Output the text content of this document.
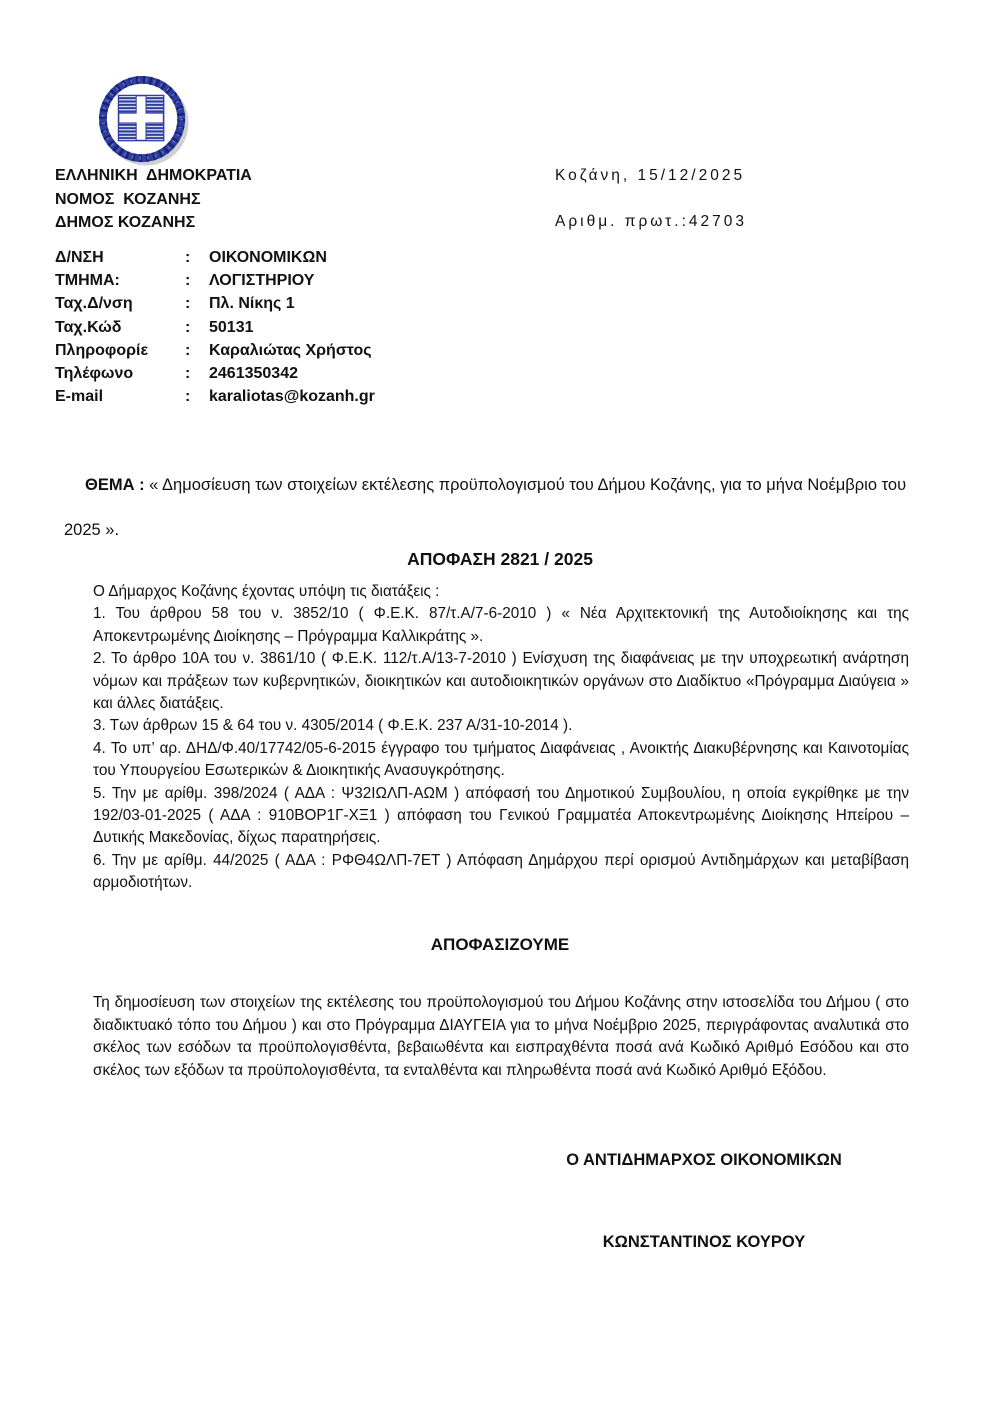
ΕΛΛΗΝΙΚΗ  ΔΗΜΟΚΡΑΤΙΑ
ΝΟΜΟΣ  ΚΟΖΑΝΗΣ
ΔΗΜΟΣ ΚΟΖΑΝΗΣ
Κοζάνη, 15/12/2025
Αριθμ. πρωτ.:42703
Δ/ΝΣΗ	:	ΟΙΚΟΝΟΜΙΚΩΝ
ΤΜΗΜΑ:	:	ΛΟΓΙΣΤΗΡΙΟΥ
Ταχ.Δ/νση	:	Πλ. Νίκης 1
Ταχ.Κώδ	:	50131
Πληροφορίε	:	Καραλιώτας Χρήστος
Τηλέφωνο	:	2461350342
E-mail	:	karaliotas@kozanh.gr

ΘΕΜΑ : « Δημοσίευση των στοιχείων εκτέλεσης προϋπολογισμού του Δήμου Κοζάνης, για το μήνα Νοέμβριο του 2025 ».

ΑΠΟΦΑΣΗ 2821 / 2025

Ο Δήμαρχος Κοζάνης έχοντας υπόψη τις διατάξεις :

1. Του άρθρου 58 του ν. 3852/10 ( Φ.Ε.Κ. 87/τ.Α/7-6-2010 ) « Νέα Αρχιτεκτονική της Αυτοδιοίκησης και της Αποκεντρωμένης Διοίκησης – Πρόγραμμα Καλλικράτης ».

2. Το άρθρο 10Α του ν. 3861/10 ( Φ.Ε.Κ. 112/τ.Α/13-7-2010 ) Ενίσχυση της διαφάνειας με την υποχρεωτική ανάρτηση νόμων και πράξεων των κυβερνητικών, διοικητικών και αυτοδιοικητικών οργάνων στο Διαδίκτυο «Πρόγραμμα Διαύγεια » και άλλες διατάξεις.

3. Των άρθρων 15 & 64 του ν. 4305/2014 ( Φ.Ε.Κ. 237 Α/31-10-2014 ).

4. Το υπ’ αρ. ΔΗΔ/Φ.40/17742/05-6-2015 έγγραφο του τμήματος Διαφάνειας , Ανοικτής Διακυβέρνησης και Καινοτομίας του Υπουργείου Εσωτερικών & Διοικητικής Ανασυγκρότησης.

5. Την με αρίθμ. 398/2024 ( ΑΔΑ : Ψ32ΙΩΛΠ-ΑΩΜ ) απόφασή του Δημοτικού Συμβουλίου, η οποία εγκρίθηκε με την 192/03-01-2025 ( ΑΔΑ : 910ΒΟΡ1Γ-ΧΞ1 ) απόφαση του Γενικού Γραμματέα Αποκεντρωμένης Διοίκησης Ηπείρου – Δυτικής Μακεδονίας, δίχως παρατηρήσεις.

6. Την με αρίθμ. 44/2025 ( ΑΔΑ : ΡΦΘ4ΩΛΠ-7ΕΤ ) Απόφαση Δημάρχου περί ορισμού Αντιδημάρχων και μεταβίβαση αρμοδιοτήτων.

ΑΠΟΦΑΣΙΖΟΥΜΕ

Τη δημοσίευση των στοιχείων της εκτέλεσης του προϋπολογισμού του Δήμου Κοζάνης στην ιστοσελίδα του Δήμου ( στο διαδικτυακό τόπο του Δήμου ) και στο Πρόγραμμα ΔΙΑΥΓΕΙΑ για το μήνα Νοέμβριο 2025, περιγράφοντας αναλυτικά στο σκέλος των εσόδων τα προϋπολογισθέντα, βεβαιωθέντα και εισπραχθέντα ποσά ανά Κωδικό Αριθμό Εσόδου και στο σκέλος των εξόδων τα προϋπολογισθέντα, τα ενταλθέντα και πληρωθέντα ποσά ανά Κωδικό Αριθμό Εξόδου.

Ο ΑΝΤΙΔΗΜΑΡΧΟΣ ΟΙΚΟΝΟΜΙΚΩΝ
ΚΩΝΣΤΑΝΤΙΝΟΣ ΚΟΥΡΟΥ
